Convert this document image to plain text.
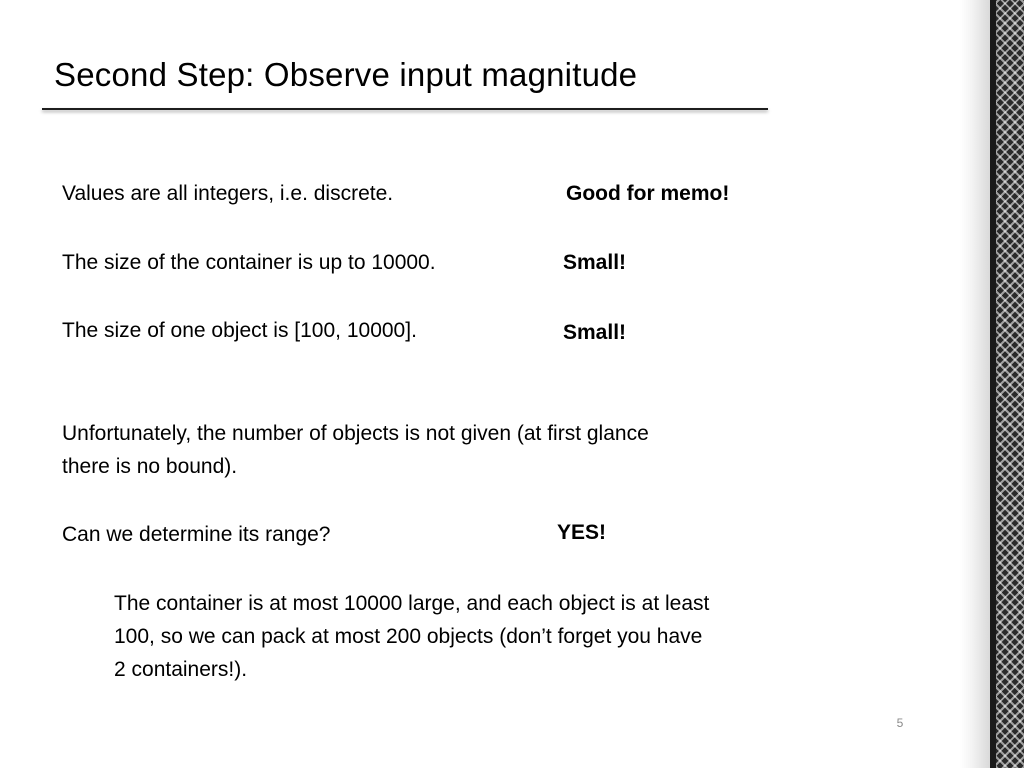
Second Step: Observe input magnitude
Values are all integers, i.e. discrete.	Good for memo!
The size of the container is up to 10000.	Small!
The size of one object is [100, 10000].	Small!
Unfortunately, the number of objects is not given (at first glance
there is no bound).
Can we determine its range?	YES!
The container is at most 10000 large, and each object is at least
100, so we can pack at most 200 objects (don’t forget you have
2 containers!).
5
